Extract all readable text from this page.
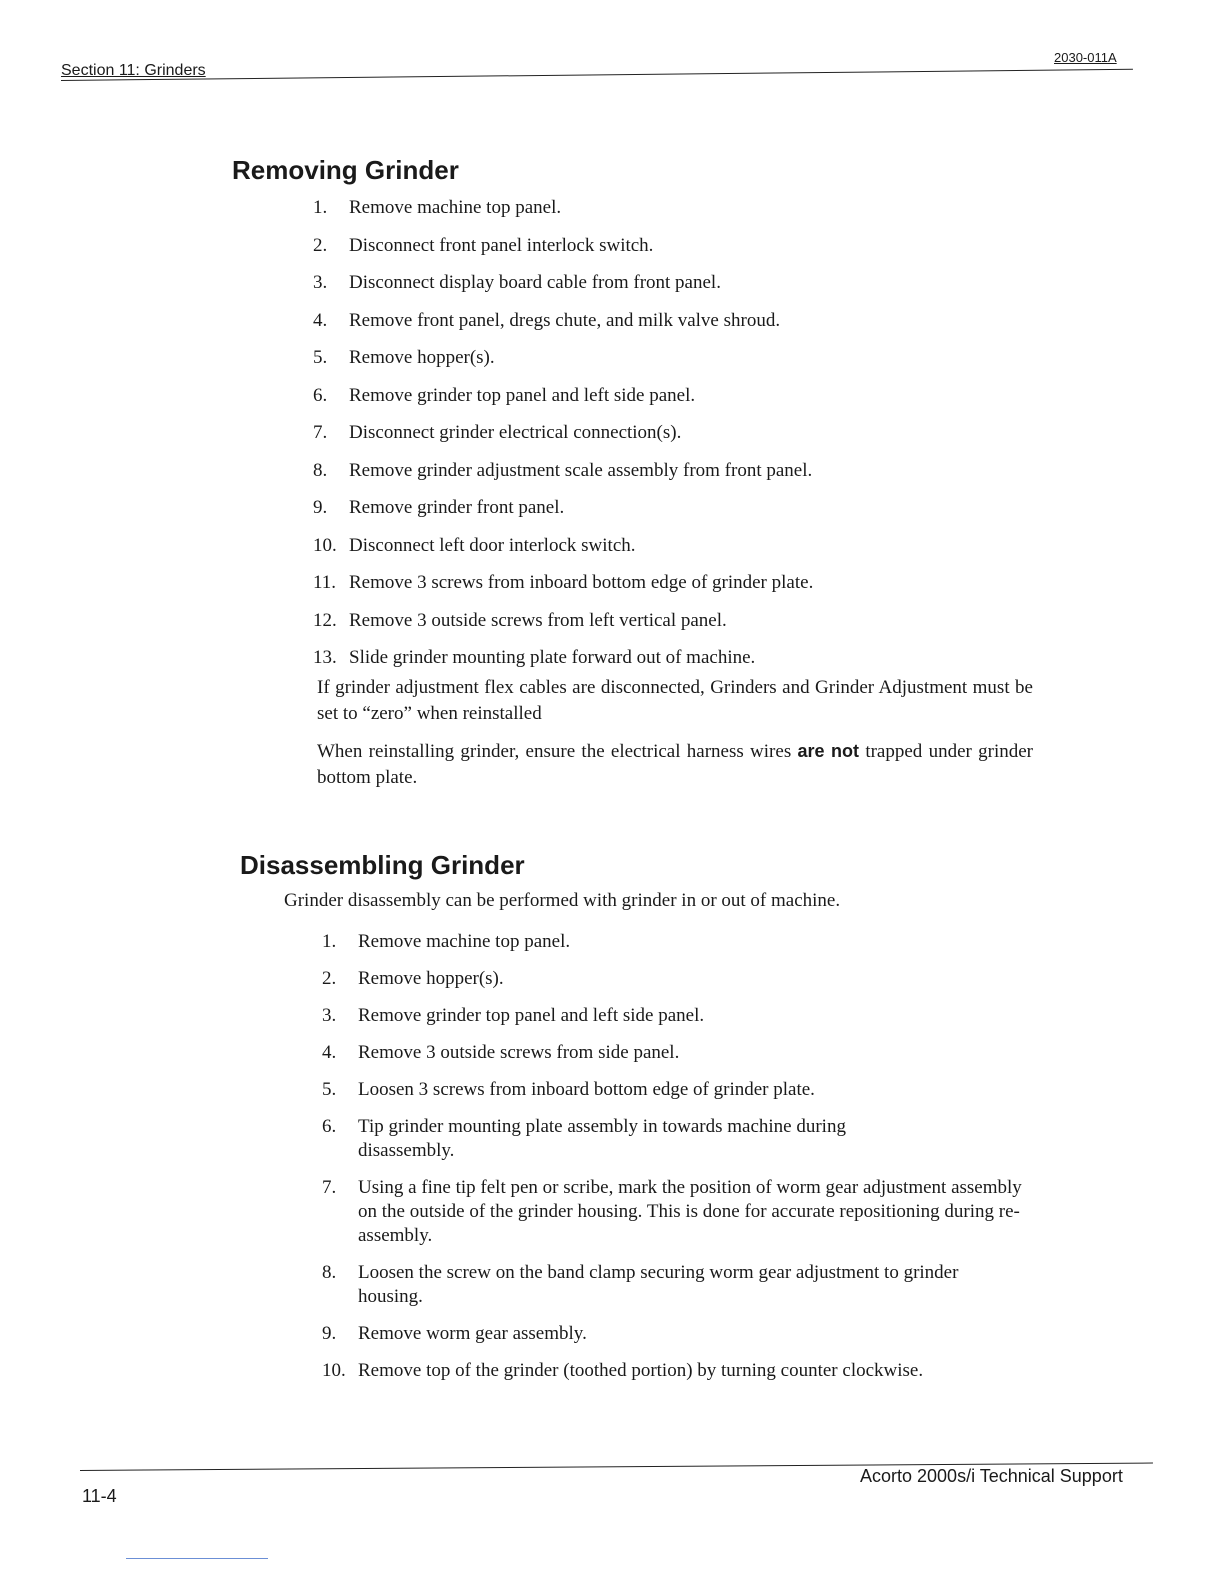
Section 11: Grinders
2030-011A
Removing Grinder
1. Remove machine top panel.
2. Disconnect front panel interlock switch.
3. Disconnect display board cable from front panel.
4. Remove front panel, dregs chute, and milk valve shroud.
5. Remove hopper(s).
6. Remove grinder top panel and left side panel.
7. Disconnect grinder electrical connection(s).
8. Remove grinder adjustment scale assembly from front panel.
9. Remove grinder front panel.
10. Disconnect left door interlock switch.
11. Remove 3 screws from inboard bottom edge of grinder plate.
12. Remove 3 outside screws from left vertical panel.
13. Slide grinder mounting plate forward out of machine.

If grinder adjustment flex cables are disconnected, Grinders and Grinder Adjustment must be set to “zero” when reinstalled

When reinstalling grinder, ensure the electrical harness wires are not trapped under grinder bottom plate.

Disassembling Grinder

Grinder disassembly can be performed with grinder in or out of machine.

1. Remove machine top panel.
2. Remove hopper(s).
3. Remove grinder top panel and left side panel.
4. Remove 3 outside screws from side panel.
5. Loosen 3 screws from inboard bottom edge of grinder plate.
6. Tip grinder mounting plate assembly in towards machine during disassembly.
7. Using a fine tip felt pen or scribe, mark the position of worm gear adjustment assembly on the outside of the grinder housing. This is done for accurate repositioning during re-assembly.
8. Loosen the screw on the band clamp securing worm gear adjustment to grinder housing.
9. Remove worm gear assembly.
10. Remove top of the grinder (toothed portion) by turning counter clockwise.
11-4
Acorto 2000s/i Technical Support
